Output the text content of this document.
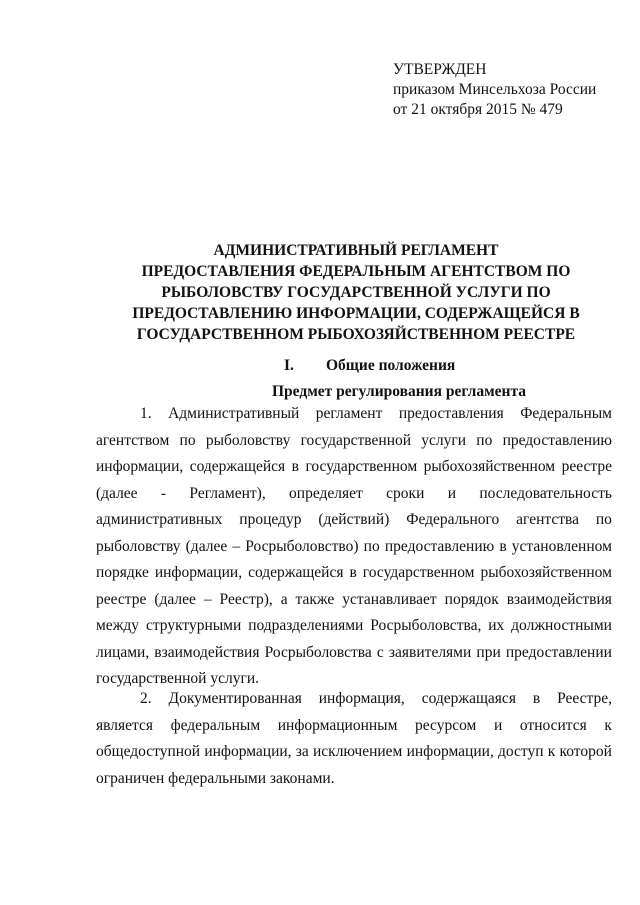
УТВЕРЖДЕН
приказом Минсельхоза России
от 21 октября 2015 № 479
АДМИНИСТРАТИВНЫЙ РЕГЛАМЕНТ
ПРЕДОСТАВЛЕНИЯ ФЕДЕРАЛЬНЫМ АГЕНТСТВОМ ПО
РЫБОЛОВСТВУ ГОСУДАРСТВЕННОЙ УСЛУГИ ПО
ПРЕДОСТАВЛЕНИЮ ИНФОРМАЦИИ, СОДЕРЖАЩЕЙСЯ В
ГОСУДАРСТВЕННОМ РЫБОХОЗЯЙСТВЕННОМ РЕЕСТРЕ
I. Общие положения
Предмет регулирования регламента
1. Административный регламент предоставления Федеральным
агентством по рыболовству государственной услуги по предоставлению
информации, содержащейся в государственном рыбохозяйственном реестре
(далее - Регламент), определяет сроки и последовательность
административных процедур (действий) Федерального агентства по
рыболовству (далее – Росрыболовство) по предоставлению в установленном
порядке информации, содержащейся в государственном рыбохозяйственном
реестре (далее – Реестр), а также устанавливает порядок взаимодействия
между структурными подразделениями Росрыболовства, их должностными
лицами, взаимодействия Росрыболовства с заявителями при предоставлении
государственной услуги.
2. Документированная информация, содержащаяся в Реестре,
является федеральным информационным ресурсом и относится к
общедоступной информации, за исключением информации, доступ к которой
ограничен федеральными законами.
